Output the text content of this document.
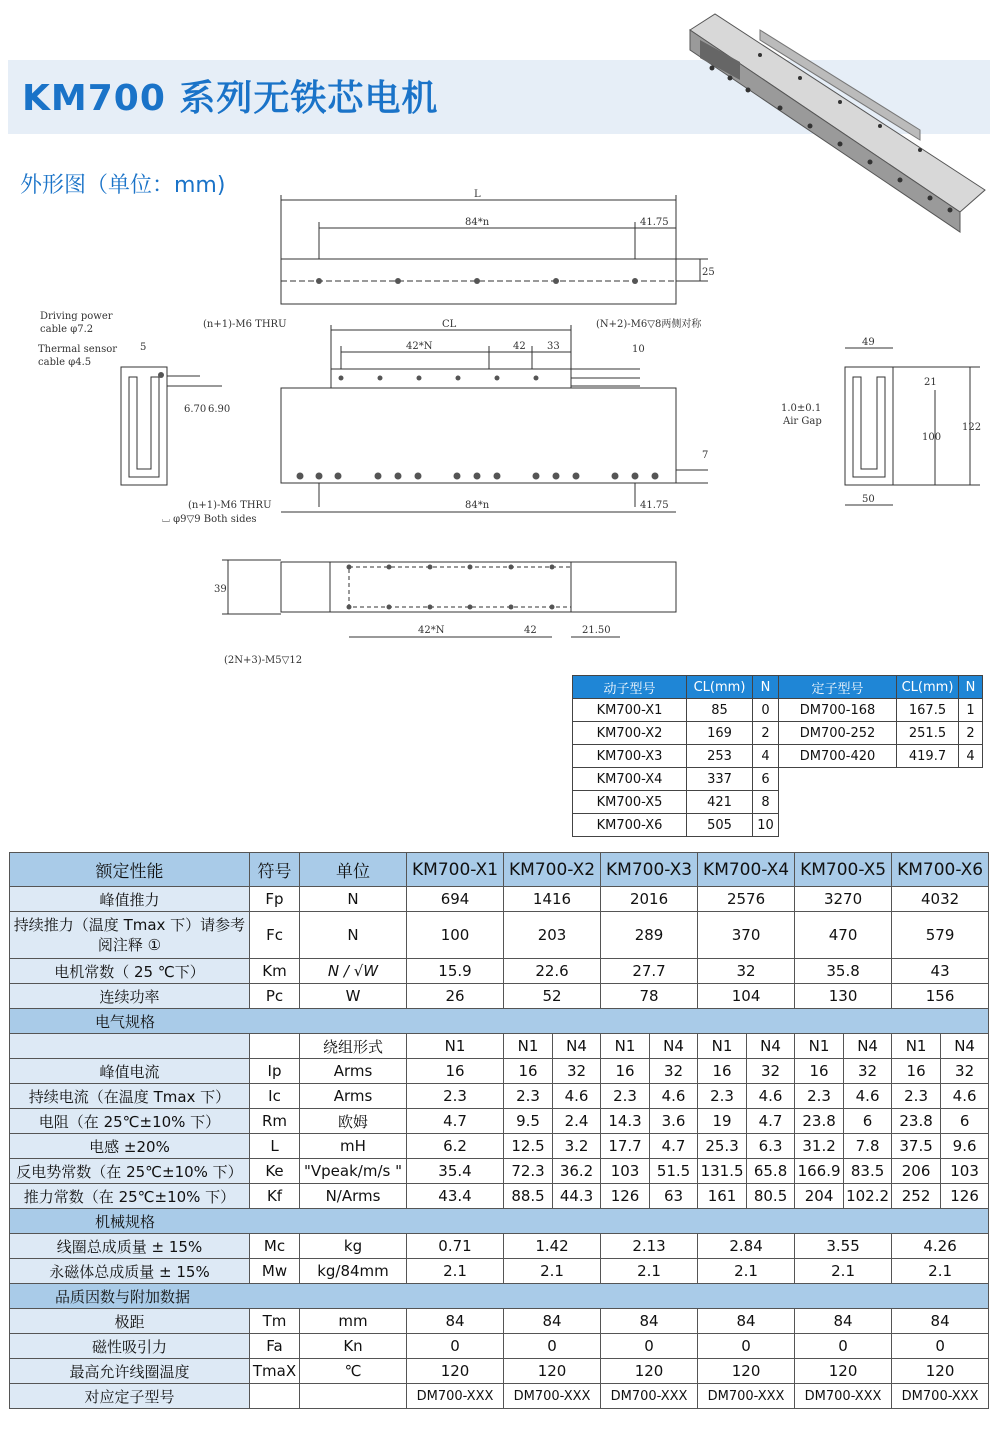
KM700 系列无铁芯电机
外形图（单位：mm)	L
84*n	41.75
25
Driving power
cable φ7.2
Thermal sensor
cable φ4.5
5
6.70 6.90
(n+1)-M6 THRU	CL	(N+2)-M6▽8两侧对称
42*N	42 33	10
7
84*n	41.75
(n+1)-M6 THRU
⌴ φ9▽9 Both sides
49
1.0±0.1
Air Gap
21
100
122
50
39
42*N	42	21.50
(2N+3)-M5▽12
动子型号	CL(mm)	N	定子型号	CL(mm)	N
KM700-X1	85	0	DM700-168	167.5	1
KM700-X2	169	2	DM700-252	251.5	2
KM700-X3	253	4	DM700-420	419.7	4
KM700-X4	337	6			
KM700-X5	421	8			
KM700-X6	505	10			
额定性能	符号	单位	KM700-X1	KM700-X2		KM700-X3		KM700-X4		KM700-X5		KM700-X6	
峰值推力	Fp	N	694	1416		2016		2576		3270		4032	
持续推力（温度 Tmax 下）请参考阅注释 ①	Fc	N	100	203		289		370		470		579	
电机常数（ 25 ℃下）	Km	N / √W	15.9	22.6		27.7		32		35.8		43	
连续功率	Pc	W	26	52		78		104		130		156	
电气规格													
		绕组形式	N1	N1	N4	N1	N4	N1	N4	N1	N4	N1	N4
峰值电流	Ip	Arms	16	16	32	16	32	16	32	16	32	16	32
持续电流（在温度 Tmax 下）	Ic	Arms	2.3	2.3	4.6	2.3	4.6	2.3	4.6	2.3	4.6	2.3	4.6
电阻（在 25℃±10% 下）	Rm	欧姆	4.7	9.5	2.4	14.3	3.6	19	4.7	23.8	6	23.8	6
电感 ±20%	L	mH	6.2	12.5	3.2	17.7	4.7	25.3	6.3	31.2	7.8	37.5	9.6
反电势常数（在 25℃±10% 下）	Ke	"Vpeak/m/s "	35.4	72.3	36.2	103	51.5	131.5	65.8	166.9	83.5	206	103
推力常数（在 25℃±10% 下）	Kf	N/Arms	43.4	88.5	44.3	126	63	161	80.5	204	102.2	252	126
机械规格													
线圈总成质量 ± 15%	Mc	kg	0.71	1.42		2.13		2.84		3.55		4.26	
永磁体总成质量 ± 15%	Mw	kg/84mm	2.1	2.1		2.1		2.1		2.1		2.1	
品质因数与附加数据													
极距	Tm	mm	84	84		84		84		84		84	
磁性吸引力	Fa	Kn	0	0		0		0		0		0	
最高允许线圈温度	TmaX	℃	120	120		120		120		120		120	
对应定子型号			DM700-XXX	DM700-XXX		DM700-XXX		DM700-XXX		DM700-XXX		DM700-XXX	
